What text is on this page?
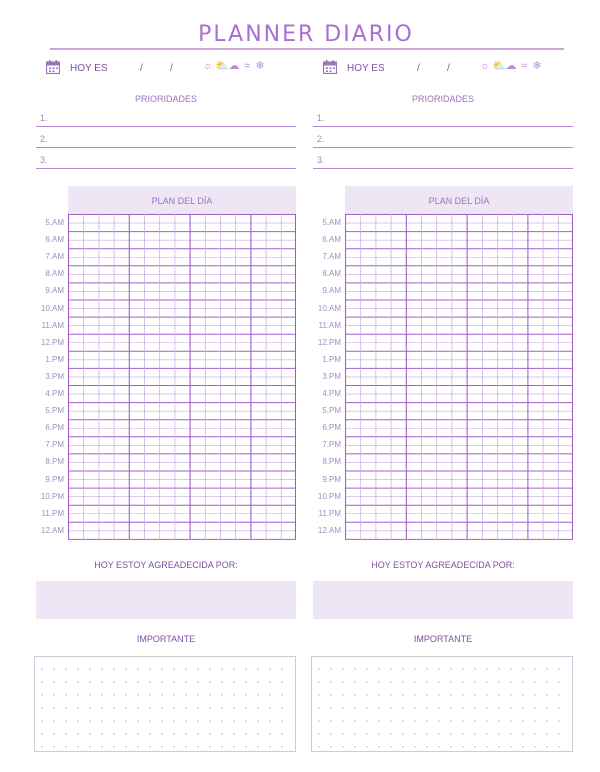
PLANNER DIARIO
HOY ES	/	/	☼⛅☁ ≈ ❄
PRIORIDADES
1.
2.
3.
PLAN DEL DÍA
5.AM
6.AM
7.AM
8.AM
9.AM
10.AM
11.AM
12.PM
1.PM
3.PM
4.PM
5.PM
6.PM
7.PM
8.PM
9.PM
10.PM
11.PM
12.AM
HOY ESTOY AGREADECIDA POR:
IMPORTANTE
HOY ES	/	/	☼⛅☁ ≈ ❄
PRIORIDADES
1.
2.
3.
PLAN DEL DÍA
5.AM
6.AM
7.AM
8.AM
9.AM
10.AM
11.AM
12.PM
1.PM
3.PM
4.PM
5.PM
6.PM
7.PM
8.PM
9.PM
10.PM
11.PM
12.AM
HOY ESTOY AGREADECIDA POR:
IMPORTANTE
